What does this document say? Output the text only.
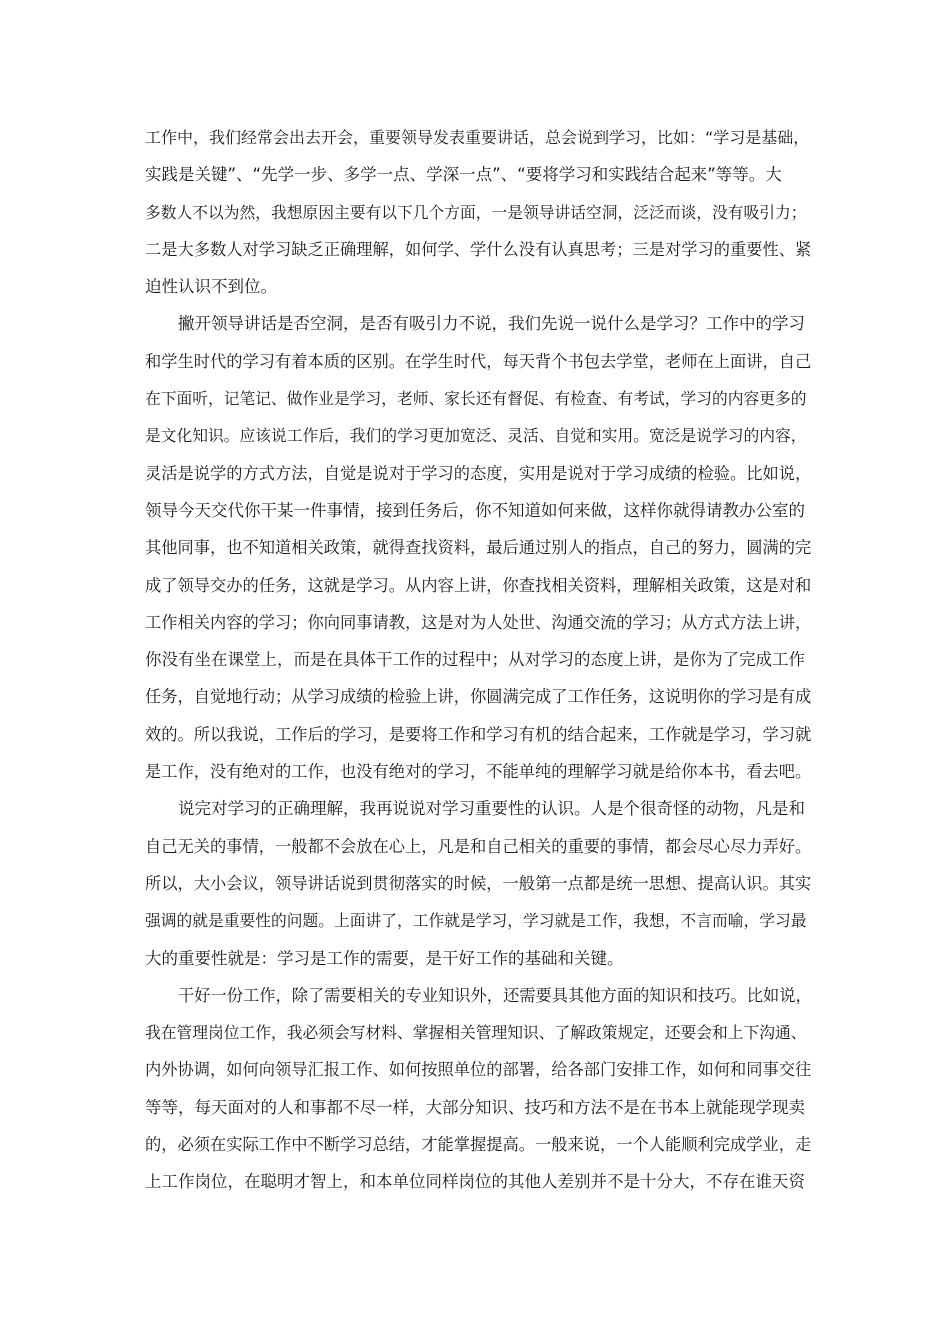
工作中，我们经常会出去开会，重要领导发表重要讲话，总会说到学习，比如：“学习是基础，
实践是关键”、“先学一步、多学一点、学深一点”、“要将学习和实践结合起来”等等。大
多数人不以为然，我想原因主要有以下几个方面，一是领导讲话空洞，泛泛而谈，没有吸引力；
二是大多数人对学习缺乏正确理解，如何学、学什么没有认真思考；三是对学习的重要性、紧
迫性认识不到位。
撇开领导讲话是否空洞，是否有吸引力不说，我们先说一说什么是学习？工作中的学习
和学生时代的学习有着本质的区别。在学生时代，每天背个书包去学堂，老师在上面讲，自己
在下面听，记笔记、做作业是学习，老师、家长还有督促、有检查、有考试，学习的内容更多的
是文化知识。应该说工作后，我们的学习更加宽泛、灵活、自觉和实用。宽泛是说学习的内容，
灵活是说学的方式方法，自觉是说对于学习的态度，实用是说对于学习成绩的检验。比如说，
领导今天交代你干某一件事情，接到任务后，你不知道如何来做，这样你就得请教办公室的
其他同事，也不知道相关政策，就得查找资料，最后通过别人的指点，自己的努力，圆满的完
成了领导交办的任务，这就是学习。从内容上讲，你查找相关资料，理解相关政策，这是对和
工作相关内容的学习；你向同事请教，这是对为人处世、沟通交流的学习；从方式方法上讲，
你没有坐在课堂上，而是在具体干工作的过程中；从对学习的态度上讲，是你为了完成工作
任务，自觉地行动；从学习成绩的检验上讲，你圆满完成了工作任务，这说明你的学习是有成
效的。所以我说，工作后的学习，是要将工作和学习有机的结合起来，工作就是学习，学习就
是工作，没有绝对的工作，也没有绝对的学习，不能单纯的理解学习就是给你本书，看去吧。
说完对学习的正确理解，我再说说对学习重要性的认识。人是个很奇怪的动物，凡是和
自己无关的事情，一般都不会放在心上，凡是和自己相关的重要的事情，都会尽心尽力弄好。
所以，大小会议，领导讲话说到贯彻落实的时候，一般第一点都是统一思想、提高认识。其实
强调的就是重要性的问题。上面讲了，工作就是学习，学习就是工作，我想，不言而喻，学习最
大的重要性就是：学习是工作的需要，是干好工作的基础和关键。
干好一份工作，除了需要相关的专业知识外，还需要具其他方面的知识和技巧。比如说，
我在管理岗位工作，我必须会写材料、掌握相关管理知识、了解政策规定，还要会和上下沟通、
内外协调，如何向领导汇报工作、如何按照单位的部署，给各部门安排工作，如何和同事交往
等等，每天面对的人和事都不尽一样，大部分知识、技巧和方法不是在书本上就能现学现卖
的，必须在实际工作中不断学习总结，才能掌握提高。一般来说，一个人能顺利完成学业，走
上工作岗位，在聪明才智上，和本单位同样岗位的其他人差别并不是十分大，不存在谁天资
